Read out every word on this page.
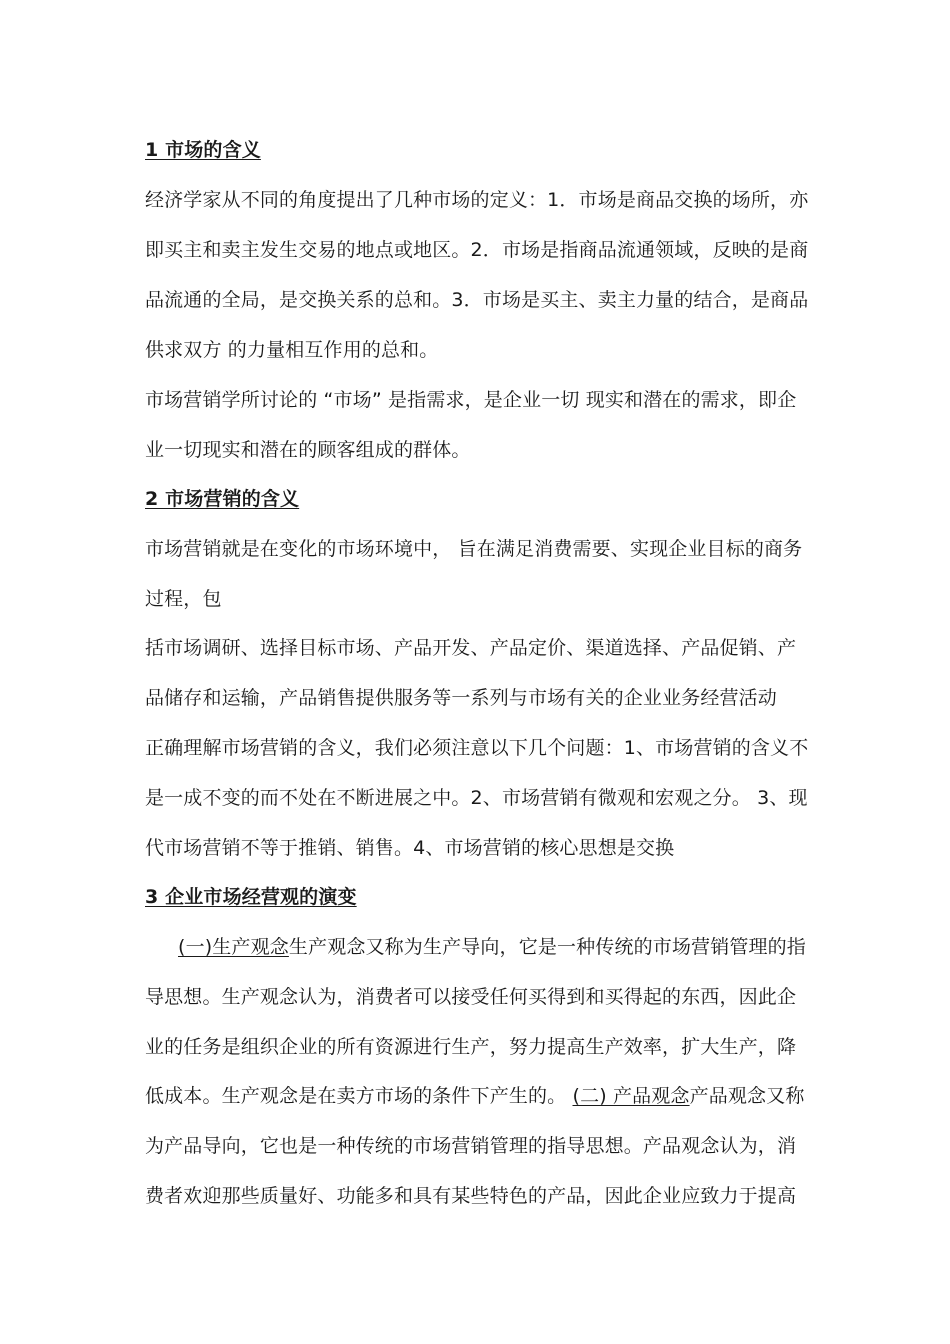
1 市场的含义

经济学家从不同的角度提出了几种市场的定义：1．市场是商品交换的场所，亦

即买主和卖主发生交易的地点或地区。2．市场是指商品流通领域，反映的是商

品流通的全局，是交换关系的总和。3．市场是买主、卖主力量的结合，是商品

供求双方 的力量相互作用的总和。

市场营销学所讨论的 “市场” 是指需求，是企业一切 现实和潜在的需求，即企

业一切现实和潜在的顾客组成的群体。

2 市场营销的含义

市场营销就是在变化的市场环境中， 旨在满足消费需要、实现企业目标的商务

过程，包

括市场调研、选择目标市场、产品开发、产品定价、渠道选择、产品促销、产

品储存和运输，产品销售提供服务等一系列与市场有关的企业业务经营活动

正确理解市场营销的含义，我们必须注意以下几个问题：1、市场营销的含义不

是一成不变的而不处在不断进展之中。2、市场营销有微观和宏观之分。 3、现

代市场营销不等于推销、销售。4、市场营销的核心思想是交换

3 企业市场经营观的演变

(一)生产观念生产观念又称为生产导向，它是一种传统的市场营销管理的指

导思想。生产观念认为，消费者可以接受任何买得到和买得起的东西，因此企

业的任务是组织企业的所有资源进行生产，努力提高生产效率，扩大生产，降

低成本。生产观念是在卖方市场的条件下产生的。 (二) 产品观念产品观念又称

为产品导向，它也是一种传统的市场营销管理的指导思想。产品观念认为，消

费者欢迎那些质量好、功能多和具有某些特色的产品，因此企业应致力于提高
